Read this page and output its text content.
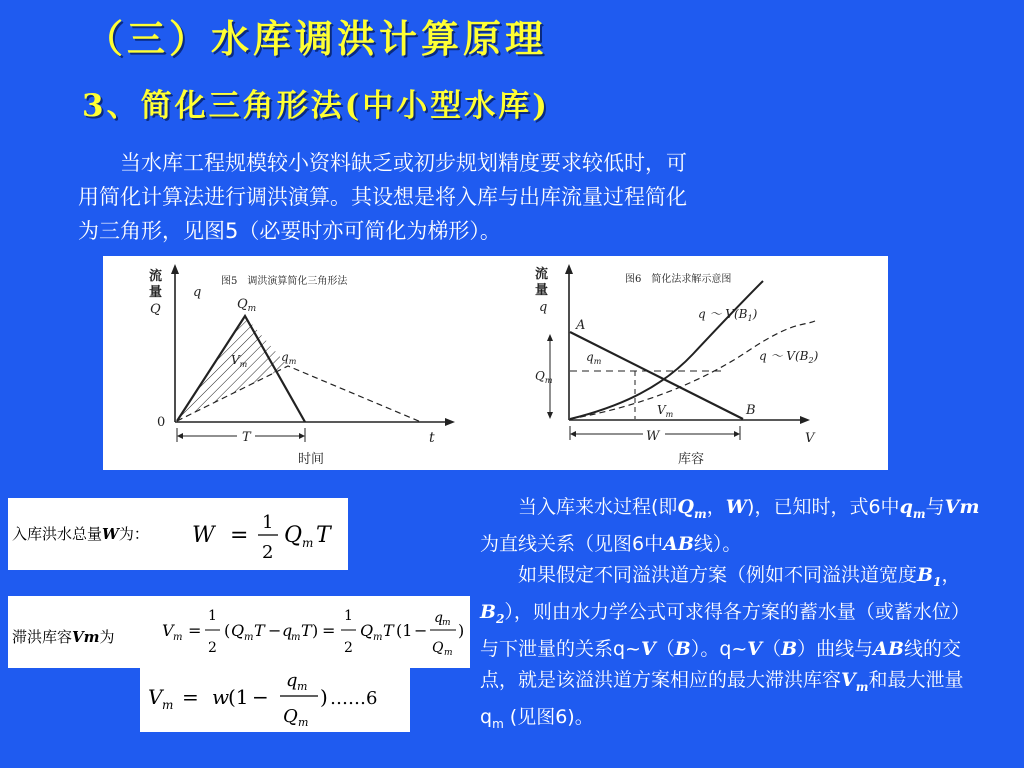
（三）水库调洪计算原理
3、简化三角形法(中小型水库)

　　当水库工程规模较小资料缺乏或初步规划精度要求较低时，可

用简化计算法进行调洪演算。其设想是将入库与出库流量过程简化

为三角形，见图5（必要时亦可简化为梯形）。

图5　调洪演算简化三角形法
流
量
Q
q
$Q_m$
$V_m$
$q_m$
0
T	t
时间
图6　简化法求解示意图
流
量
q	q ～ $V(B_1)$
q ～ $V(B_2)$
A
B
$q_m$
$Q_m$
$V_m$
W	V
库容
入库洪水总量W为： W =
1
2
Q m T
滞洪库容Vm为	V m =
1
2
( Q m T − q
m T ) =
1
2
Q m T (1 −
q m
Q m
)
V m = w
(1 −
q m
Q m
) ……6

当入库来水过程(即$Q_m$，W)，已知时，式6中$q_m$与Vm为直线关系（见图6中AB线）。

如果假定不同溢洪道方案（例如不同溢洪道宽度$B_1$，$B_2$），则由水力学公式可求得各方案的蓄水量（或蓄水位）与下泄量的关系q~V（B）。q~V（B）曲线与AB线的交点，就是该溢洪道方案相应的最大滞洪库容$V_m$和最大泄量$q_m$ (见图6)。
